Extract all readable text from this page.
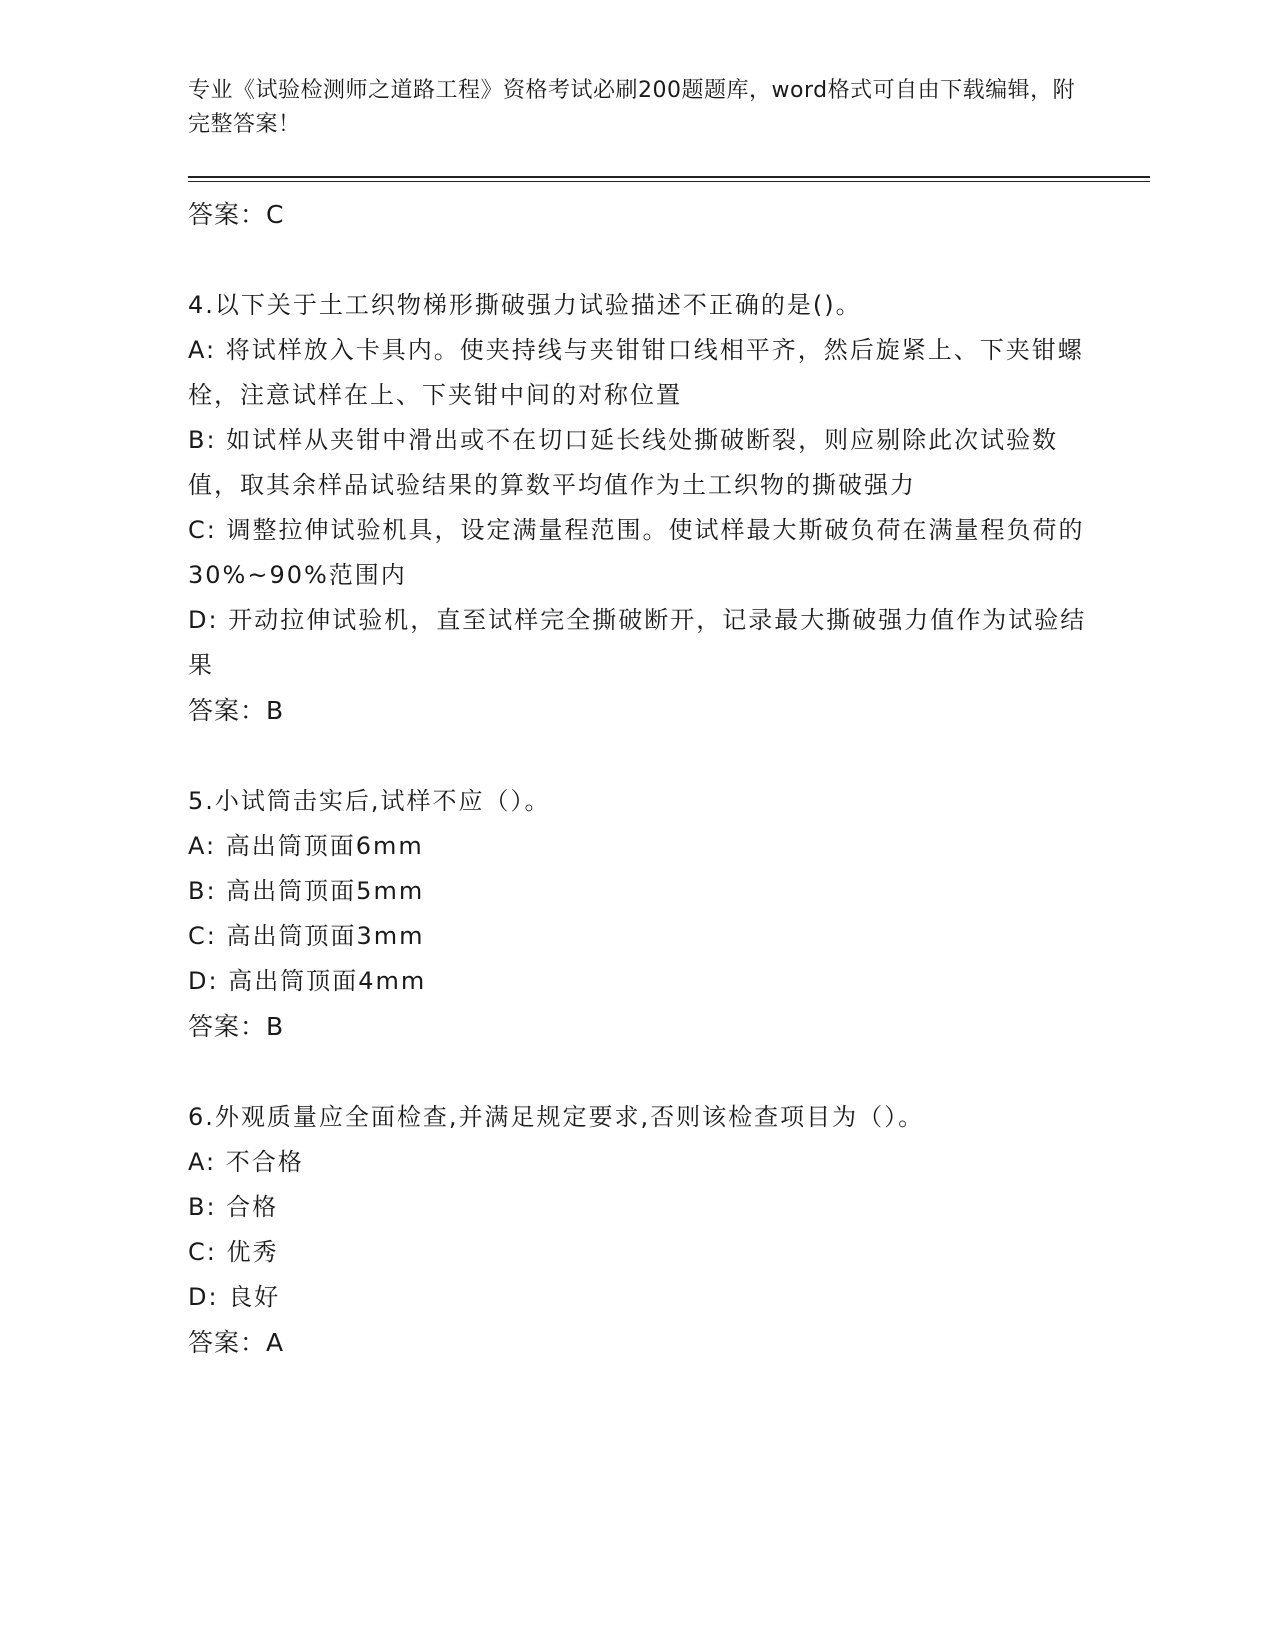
专业《试验检测师之道路工程》资格考试必刷200题题库，word格式可自由下载编辑，附完整答案！
答案：C
4.以下关于土工织物梯形撕破强力试验描述不正确的是()。
A: 将试样放入卡具内。使夹持线与夹钳钳口线相平齐，然后旋紧上、下夹钳螺栓，注意试样在上、下夹钳中间的对称位置
B: 如试样从夹钳中滑出或不在切口延长线处撕破断裂，则应剔除此次试验数值，取其余样品试验结果的算数平均值作为土工织物的撕破强力
C: 调整拉伸试验机具，设定满量程范围。使试样最大斯破负荷在满量程负荷的30%~90%范围内
D: 开动拉伸试验机，直至试样完全撕破断开，记录最大撕破强力值作为试验结果
答案：B
5.小试筒击实后,试样不应（）。
A: 高出筒顶面6mm
B: 高出筒顶面5mm
C: 高出筒顶面3mm
D: 高出筒顶面4mm
答案：B
6.外观质量应全面检查,并满足规定要求,否则该检查项目为（）。
A: 不合格
B: 合格
C: 优秀
D: 良好
答案：A
